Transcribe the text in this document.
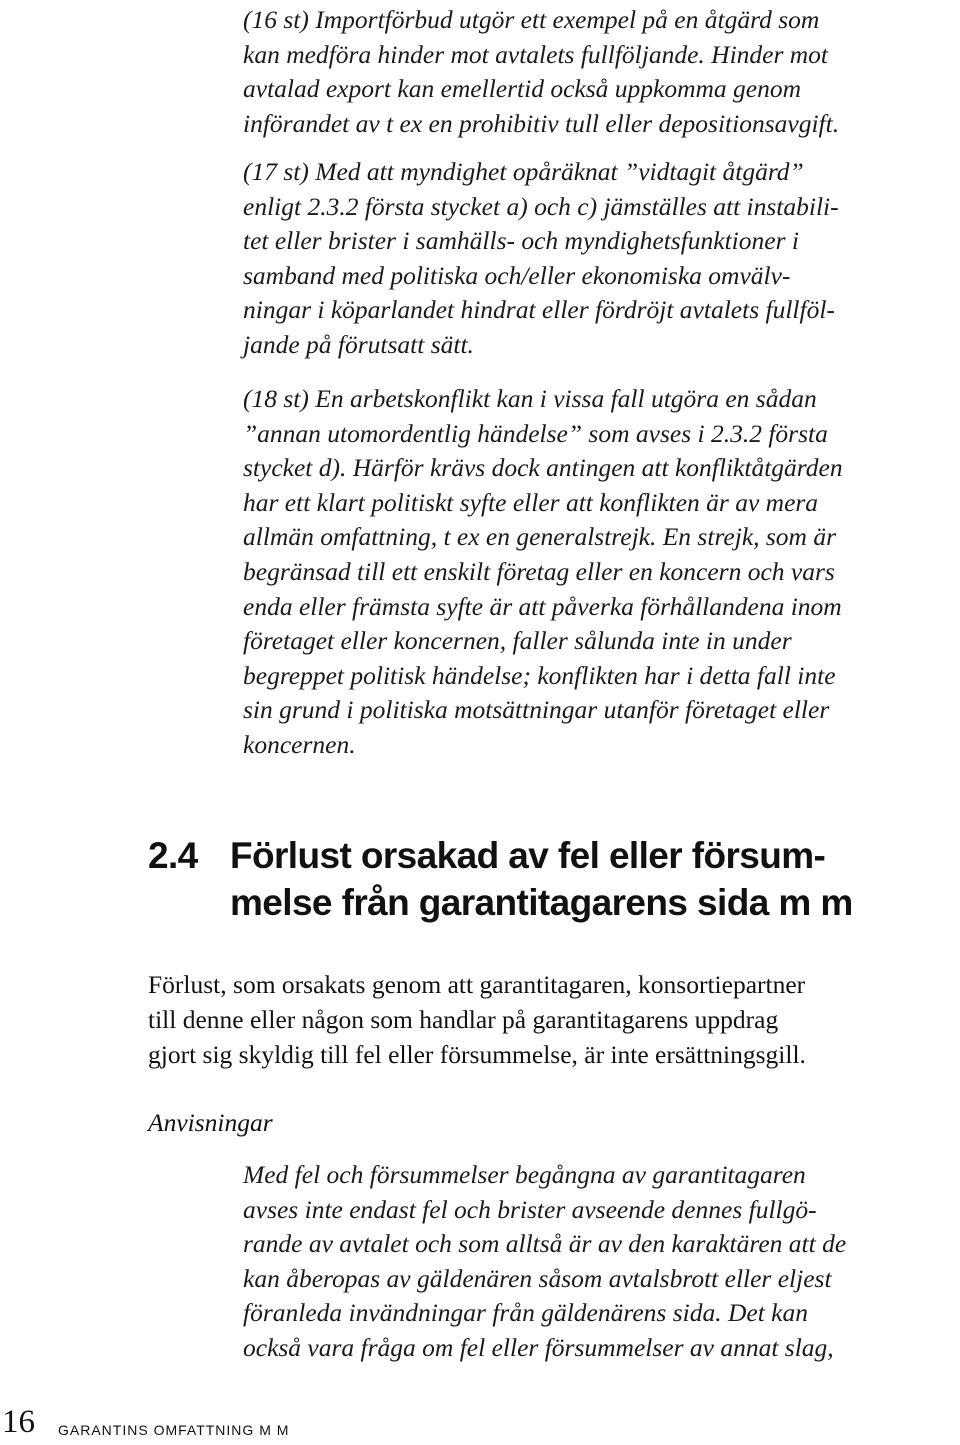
(16 st) Importförbud utgör ett exempel på en åtgärd som
kan medföra hinder mot avtalets fullföljande. Hinder mot
avtalad export kan emellertid också uppkomma genom
införandet av t ex en prohibitiv tull eller depositionsavgift.

(17 st) Med att myndighet opåräknat ”vidtagit åtgärd”
enligt 2.3.2 första stycket a) och c) jämställes att instabili-
tet eller brister i samhälls- och myndighetsfunktioner i
samband med politiska och/eller ekonomiska omvälv-
ningar i köparlandet hindrat eller fördröjt avtalets fullföl-
jande på förutsatt sätt.

(18 st) En arbetskonflikt kan i vissa fall utgöra en sådan
”annan utomordentlig händelse” som avses i 2.3.2 första
stycket d). Härför krävs dock antingen att konfliktåtgärden
har ett klart politiskt syfte eller att konflikten är av mera
allmän omfattning, t ex en generalstrejk. En strejk, som är
begränsad till ett enskilt företag eller en koncern och vars
enda eller främsta syfte är att påverka förhållandena inom
företaget eller koncernen, faller sålunda inte in under
begreppet politisk händelse; konflikten har i detta fall inte
sin grund i politiska motsättningar utanför företaget eller
koncernen.

2.4 Förlust orsakad av fel eller försum-
melse från garantitagarens sida m m

Förlust, som orsakats genom att garantitagaren, konsortiepartner
till denne eller någon som handlar på garantitagarens uppdrag
gjort sig skyldig till fel eller försummelse, är inte ersättningsgill.

Anvisningar

Med fel och försummelser begångna av garantitagaren
avses inte endast fel och brister avseende dennes fullgö-
rande av avtalet och som alltså är av den karaktären att de
kan åberopas av gäldenären såsom avtalsbrott eller eljest
föranleda invändningar från gäldenärens sida. Det kan
också vara fråga om fel eller försummelser av annat slag,

16 GARANTINS OMFATTNING M M
